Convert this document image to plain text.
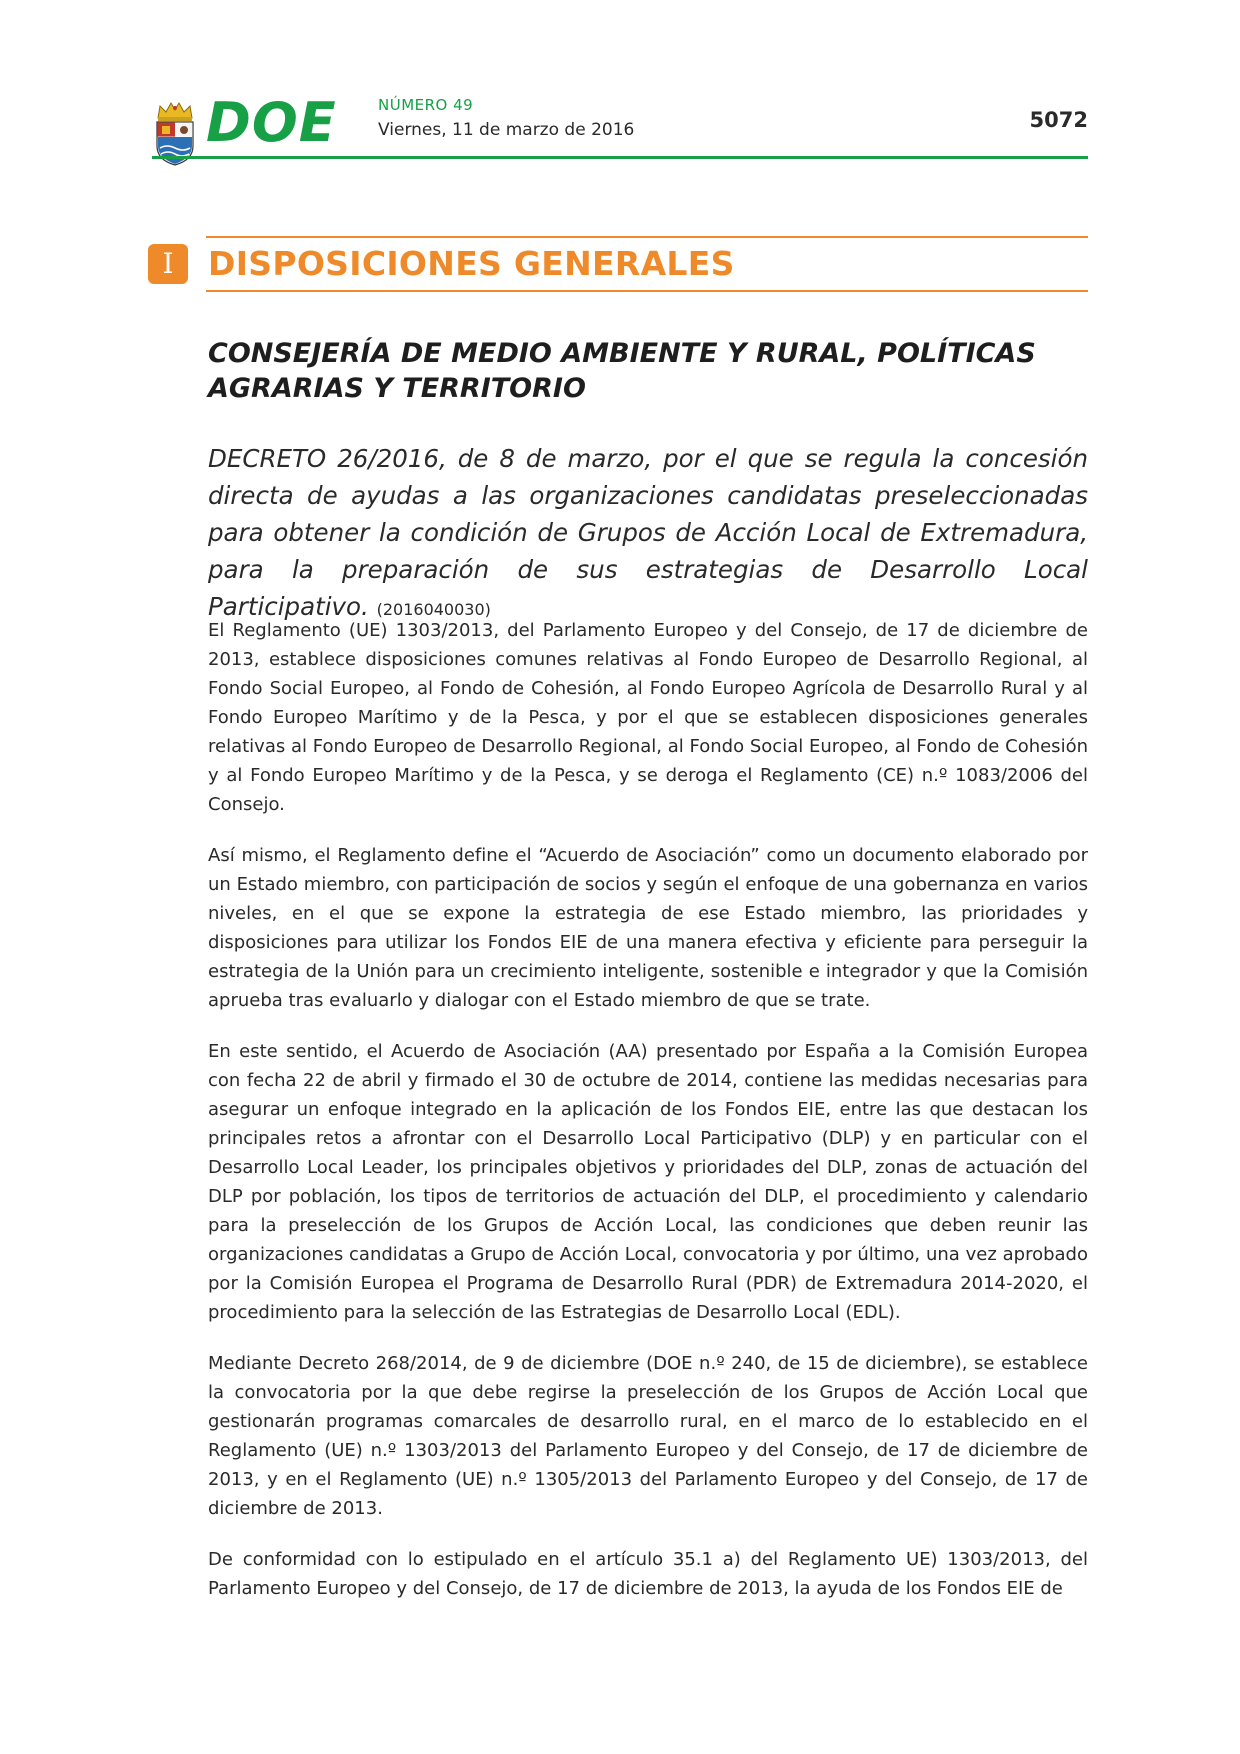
DOE	NÚMERO 49
Viernes, 11 de marzo de 2016	5072
I	DISPOSICIONES GENERALES
CONSEJERÍA DE MEDIO AMBIENTE Y RURAL, POLÍTICAS AGRARIAS Y TERRITORIO
DECRETO 26/2016, de 8 de marzo, por el que se regula la concesión directa de ayudas a las organizaciones candidatas preseleccionadas para obtener la condición de Grupos de Acción Local de Extremadura, para la preparación de sus estrategias de Desarrollo Local Participativo. (2016040030)

El Reglamento (UE) 1303/2013, del Parlamento Europeo y del Consejo, de 17 de diciembre de 2013, establece disposiciones comunes relativas al Fondo Europeo de Desarrollo Regional, al Fondo Social Europeo, al Fondo de Cohesión, al Fondo Europeo Agrícola de Desarrollo Rural y al Fondo Europeo Marítimo y de la Pesca, y por el que se establecen disposiciones generales relativas al Fondo Europeo de Desarrollo Regional, al Fondo Social Europeo, al Fondo de Cohesión y al Fondo Europeo Marítimo y de la Pesca, y se deroga el Reglamento (CE) n.º 1083/2006 del Consejo.

Así mismo, el Reglamento define el “Acuerdo de Asociación” como un documento elaborado por un Estado miembro, con participación de socios y según el enfoque de una gobernanza en varios niveles, en el que se expone la estrategia de ese Estado miembro, las prioridades y disposiciones para utilizar los Fondos EIE de una manera efectiva y eficiente para perseguir la estrategia de la Unión para un crecimiento inteligente, sostenible e integrador y que la Comisión aprueba tras evaluarlo y dialogar con el Estado miembro de que se trate.

En este sentido, el Acuerdo de Asociación (AA) presentado por España a la Comisión Europea con fecha 22 de abril y firmado el 30 de octubre de 2014, contiene las medidas necesarias para asegurar un enfoque integrado en la aplicación de los Fondos EIE, entre las que destacan los principales retos a afrontar con el Desarrollo Local Participativo (DLP) y en particular con el Desarrollo Local Leader, los principales objetivos y prioridades del DLP, zonas de actuación del DLP por población, los tipos de territorios de actuación del DLP, el procedimiento y calendario para la preselección de los Grupos de Acción Local, las condiciones que deben reunir las organizaciones candidatas a Grupo de Acción Local, convocatoria y por último, una vez aprobado por la Comisión Europea el Programa de Desarrollo Rural (PDR) de Extremadura 2014-2020, el procedimiento para la selección de las Estrategias de Desarrollo Local (EDL).

Mediante Decreto 268/2014, de 9 de diciembre (DOE n.º 240, de 15 de diciembre), se establece la convocatoria por la que debe regirse la preselección de los Grupos de Acción Local que gestionarán programas comarcales de desarrollo rural, en el marco de lo establecido en el Reglamento (UE) n.º 1303/2013 del Parlamento Europeo y del Consejo, de 17 de diciembre de 2013, y en el Reglamento (UE) n.º 1305/2013 del Parlamento Europeo y del Consejo, de 17 de diciembre de 2013.

De conformidad con lo estipulado en el artículo 35.1 a) del Reglamento UE) 1303/2013, del Parlamento Europeo y del Consejo, de 17 de diciembre de 2013, la ayuda de los Fondos EIE de
